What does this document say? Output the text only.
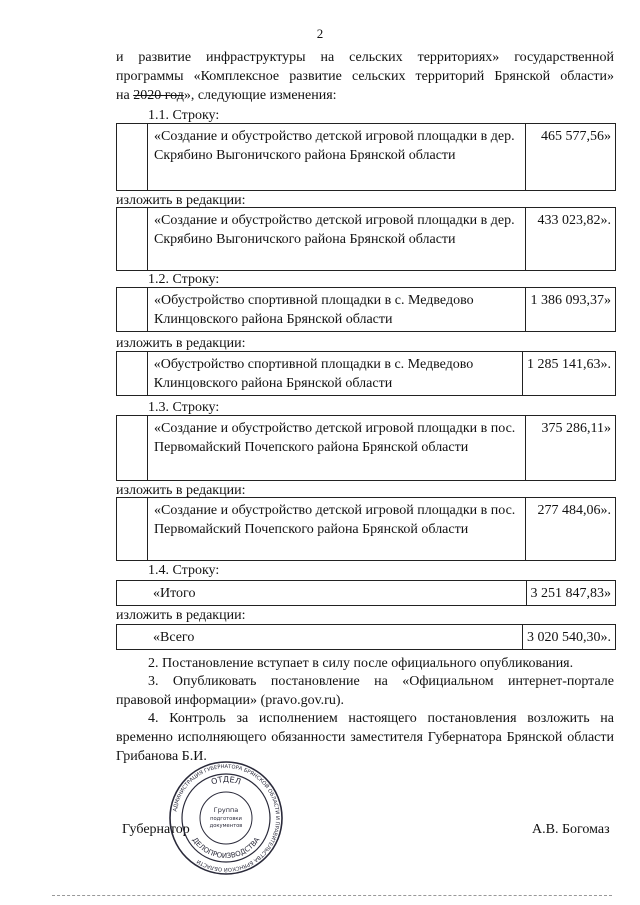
2
и развитие инфраструктуры на сельских территориях» государственной
программы «Комплексное развитие сельских территорий Брянской области»
на 2020 год», следующие изменения:
1.1. Строку:
	«Создание и обустройство детской игровой площадки в дер. Скрябино Выгоничского района Брянской области	465 577,56»
изложить в редакции:
	«Создание и обустройство детской игровой площадки в дер. Скрябино Выгоничского района Брянской области	433 023,82».
1.2. Строку:
	«Обустройство спортивной площадки в с. Медведово Клинцовского района Брянской области	1 386 093,37»
изложить в редакции:
	«Обустройство спортивной площадки в с. Медведово Клинцовского района Брянской области	1 285 141,63».
1.3. Строку:
	«Создание и обустройство детской игровой площадки в пос. Первомайский Почепского района Брянской области	375 286,11»
изложить в редакции:
	«Создание и обустройство детской игровой площадки в пос. Первомайский Почепского района Брянской области	277 484,06».
1.4. Строку:
«Итого	3 251 847,83»
изложить в редакции:
«Всего	3 020 540,30».
2. Постановление вступает в силу после официального опубликования.
3. Опубликовать постановление на «Официальном интернет-портале правовой информации» (pravo.gov.ru).
4. Контроль за исполнением настоящего постановления возложить на временно исполняющего обязанности заместителя Губернатора Брянской области Грибанова Б.И.
Губернатор	А.В. Богомаз
АДМИНИСТРАЦИЯ ГУБЕРНАТОРА БРЯНСКОЙ ОБЛАСТИ И ПРАВИТЕЛЬСТВА БРЯНСКОЙ ОБЛАСТИ
ОТДЕЛ
ДЕЛОПРОИЗВОДСТВА
Группа
подготовки
документов
